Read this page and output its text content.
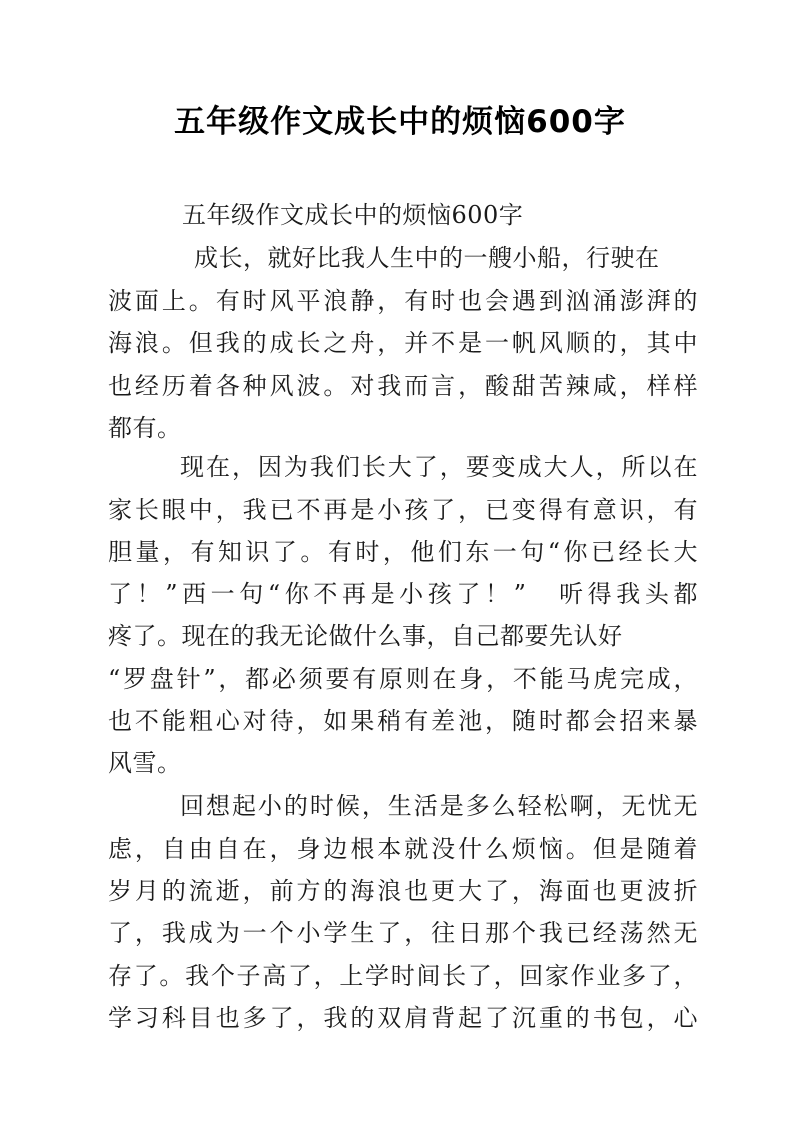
五年级作文成长中的烦恼600字
五年级作文成长中的烦恼600字
成长，就好比我人生中的一艘小船，行驶在
波面上。有时风平浪静，有时也会遇到汹涌澎湃的
海浪。但我的成长之舟，并不是一帆风顺的，其中
也经历着各种风波。对我而言，酸甜苦辣咸，样样
都有。
现在，因为我们长大了，要变成大人，所以在
家长眼中，我已不再是小孩了，已变得有意识，有
胆量，有知识了。有时，他们东一句“你已经长大
了！”西一句“你不再是小孩了！”　听得我头都
疼了。现在的我无论做什么事，自己都要先认好
“罗盘针”，都必须要有原则在身，不能马虎完成，
也不能粗心对待，如果稍有差池，随时都会招来暴
风雪。
回想起小的时候，生活是多么轻松啊，无忧无
虑，自由自在，身边根本就没什么烦恼。但是随着
岁月的流逝，前方的海浪也更大了，海面也更波折
了，我成为一个小学生了，往日那个我已经荡然无
存了。我个子高了，上学时间长了，回家作业多了，
学习科目也多了，我的双肩背起了沉重的书包，心
